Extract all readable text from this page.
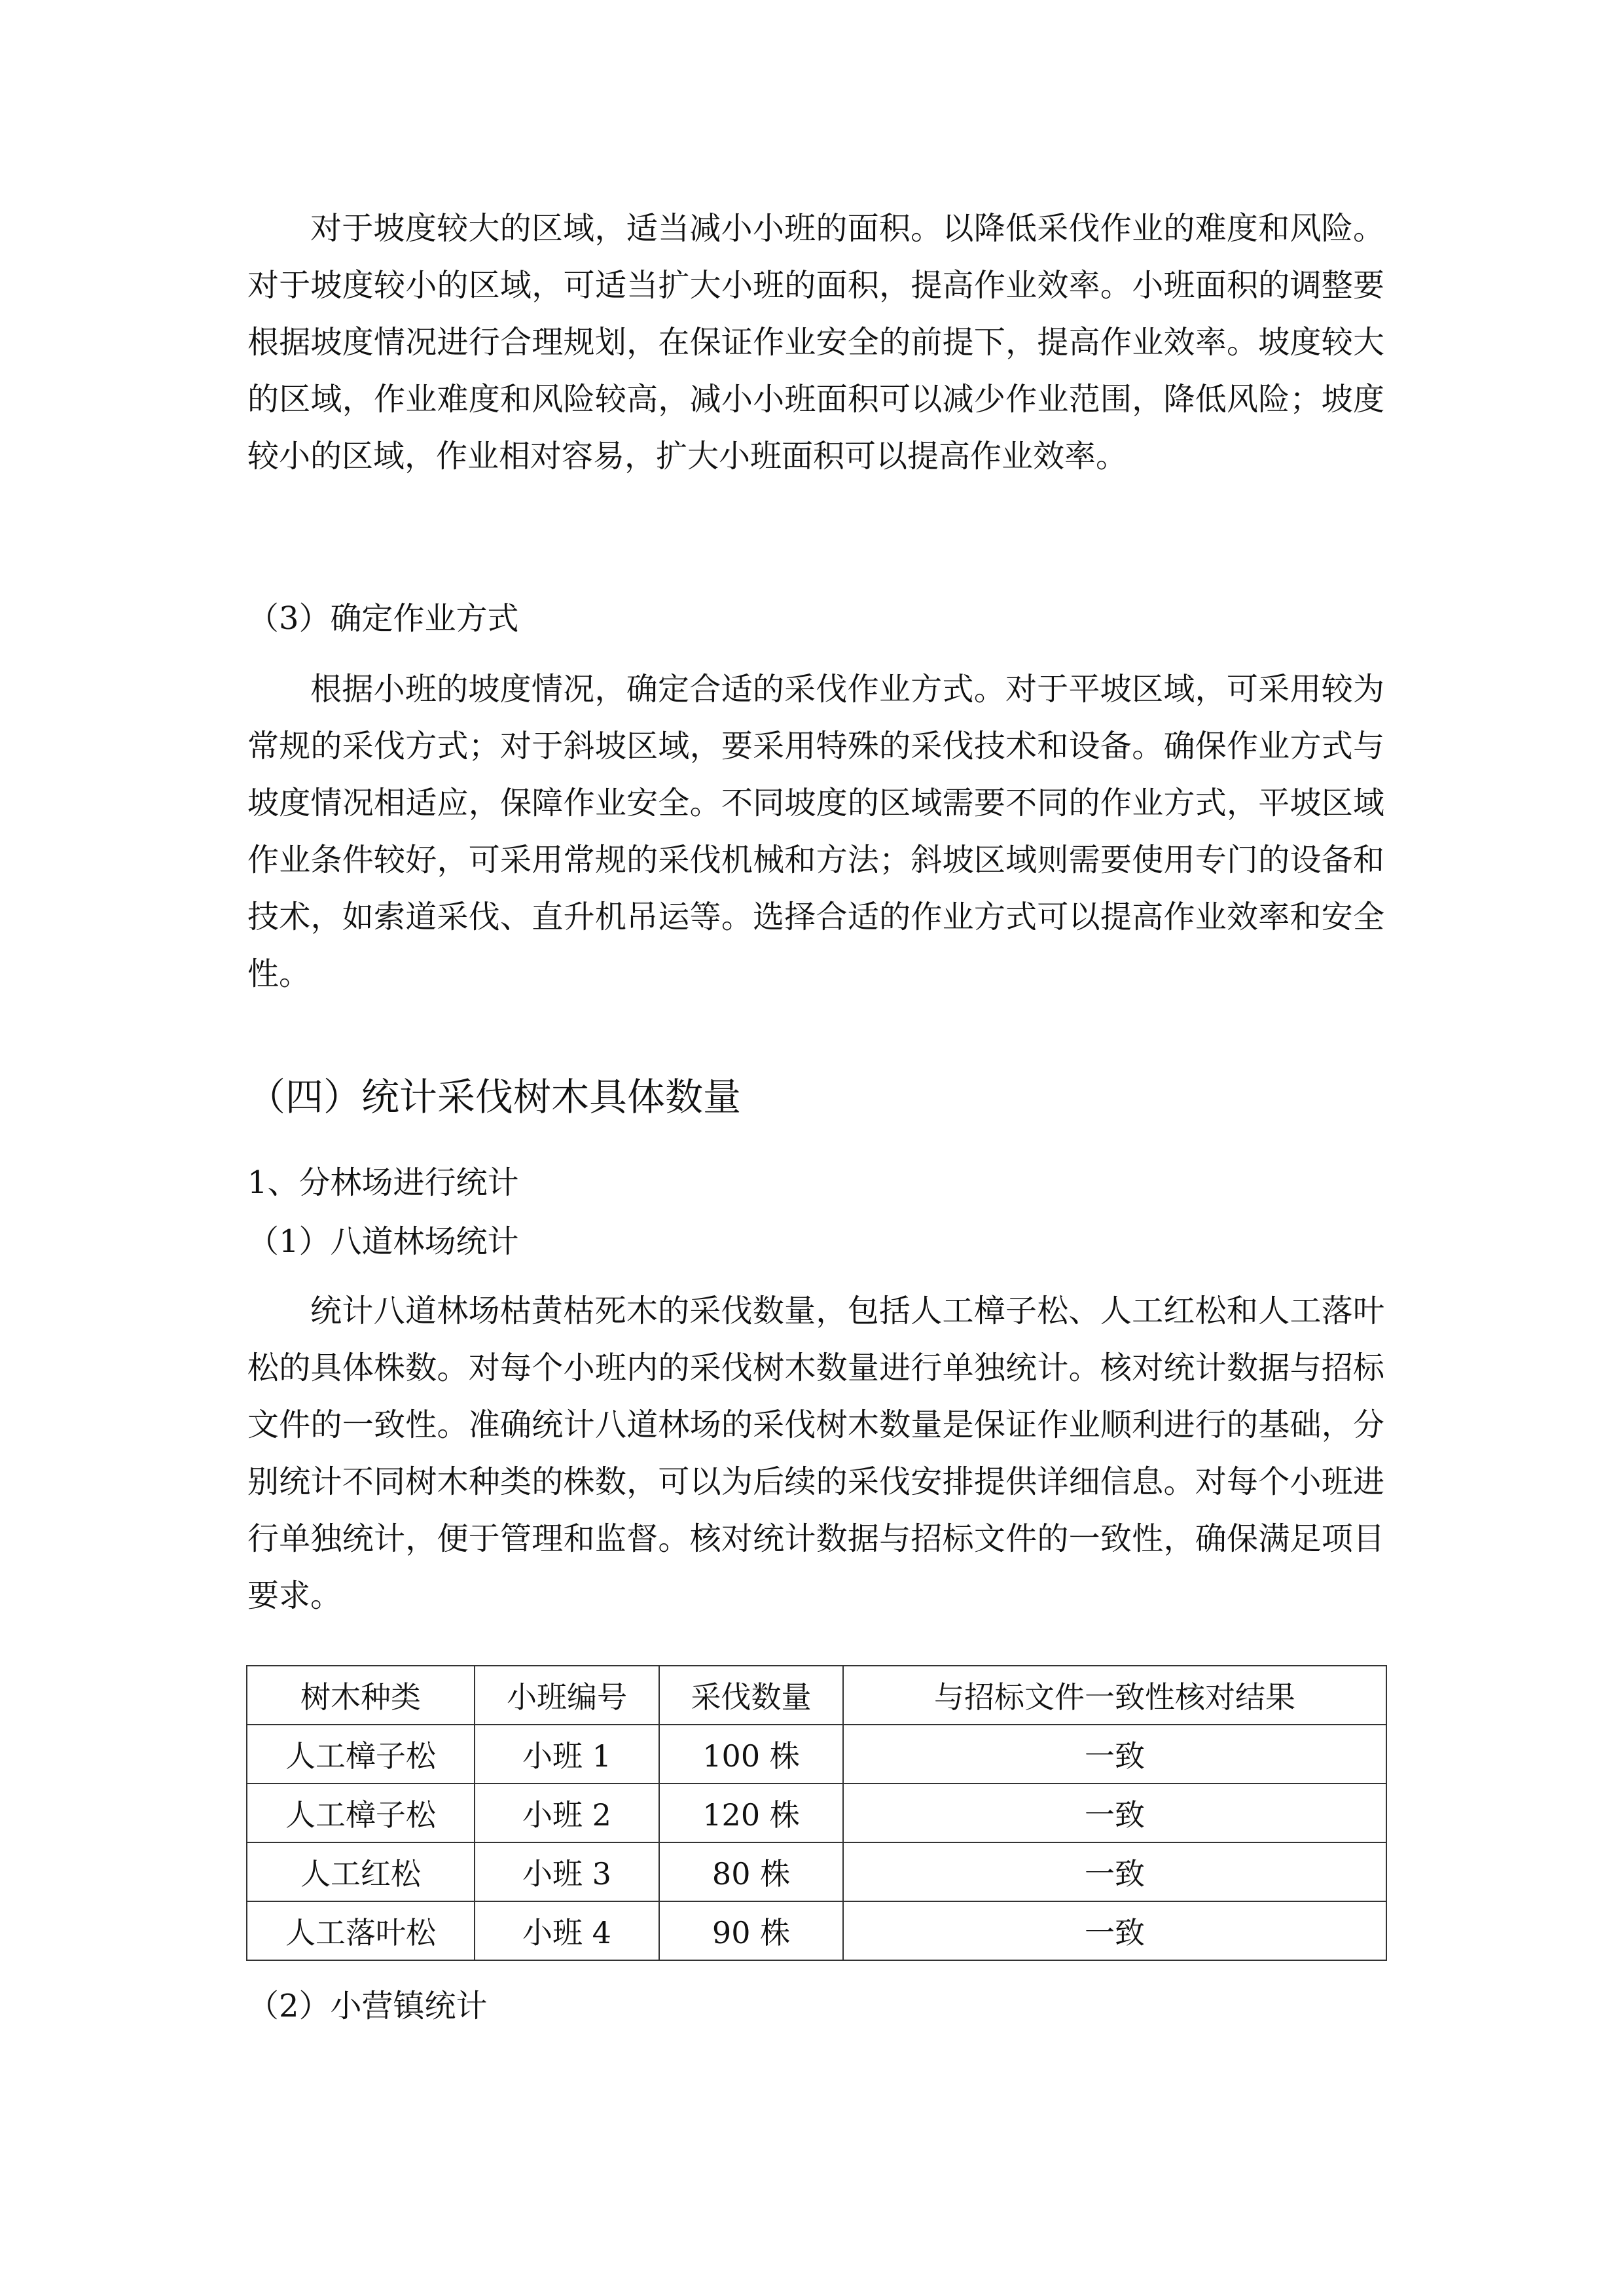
对于坡度较大的区域，适当减小小班的面积。以降低采伐作业的难度和风险。对于坡度较小的区域，可适当扩大小班的面积，提高作业效率。小班面积的调整要根据坡度情况进行合理规划，在保证作业安全的前提下，提高作业效率。坡度较大的区域，作业难度和风险较高，减小小班面积可以减少作业范围，降低风险；坡度较小的区域，作业相对容易，扩大小班面积可以提高作业效率。

（3）确定作业方式

根据小班的坡度情况，确定合适的采伐作业方式。对于平坡区域，可采用较为常规的采伐方式；对于斜坡区域，要采用特殊的采伐技术和设备。确保作业方式与坡度情况相适应，保障作业安全。不同坡度的区域需要不同的作业方式，平坡区域作业条件较好，可采用常规的采伐机械和方法；斜坡区域则需要使用专门的设备和技术，如索道采伐、直升机吊运等。选择合适的作业方式可以提高作业效率和安全性。

（四）统计采伐树木具体数量

1、分林场进行统计

（1）八道林场统计

统计八道林场枯黄枯死木的采伐数量，包括人工樟子松、人工红松和人工落叶松的具体株数。对每个小班内的采伐树木数量进行单独统计。核对统计数据与招标文件的一致性。准确统计八道林场的采伐树木数量是保证作业顺利进行的基础，分别统计不同树木种类的株数，可以为后续的采伐安排提供详细信息。对每个小班进行单独统计，便于管理和监督。核对统计数据与招标文件的一致性，确保满足项目要求。

树木种类	小班编号	采伐数量	与招标文件一致性核对结果
人工樟子松	小班 1	100 株	一致
人工樟子松	小班 2	120 株	一致
人工红松	小班 3	80 株	一致
人工落叶松	小班 4	90 株	一致

（2）小营镇统计
